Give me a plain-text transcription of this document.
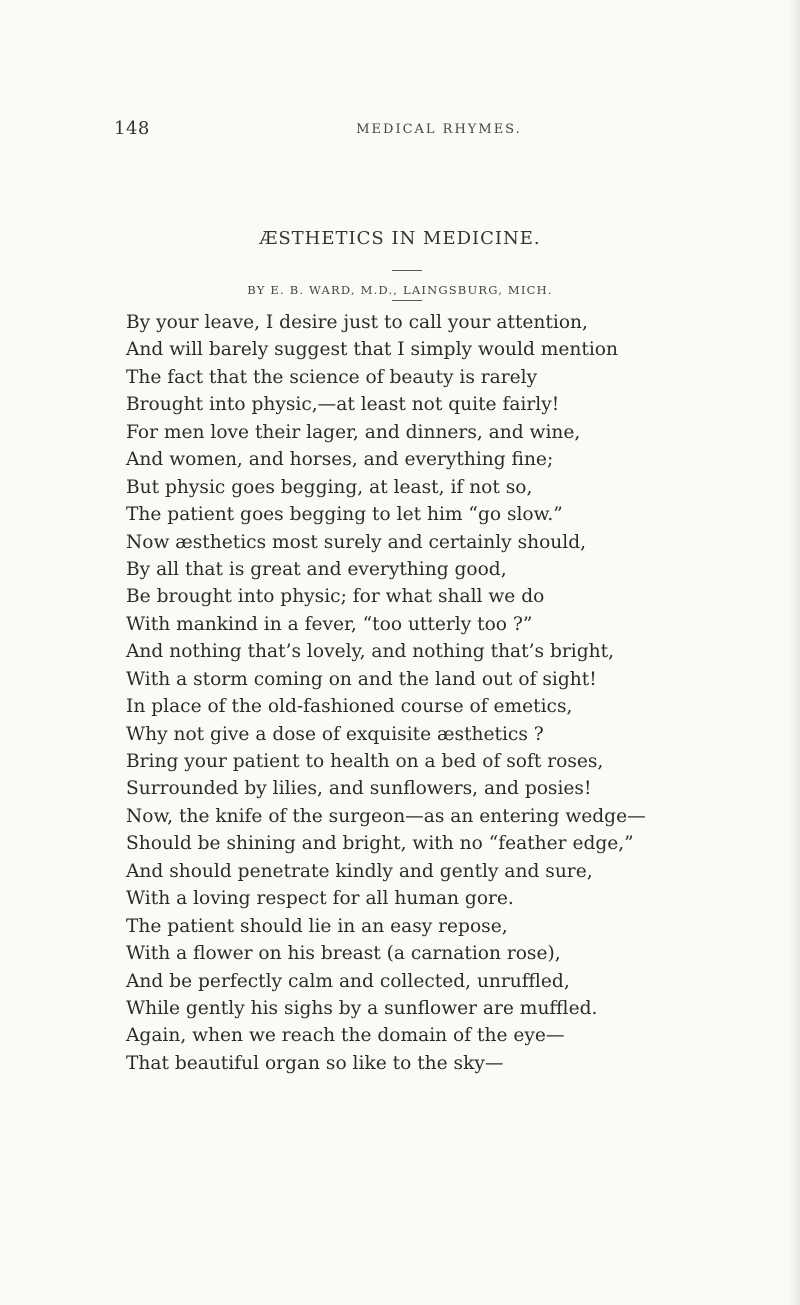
148	MEDICAL RHYMES.
ÆSTHETICS IN MEDICINE.
BY E. B. WARD, M.D., LAINGSBURG, MICH.
By your leave, I desire just to call your attention,
And will barely suggest that I simply would mention
The fact that the science of beauty is rarely
Brought into physic,—at least not quite fairly!
For men love their lager, and dinners, and wine,
And women, and horses, and everything fine;
But physic goes begging, at least, if not so,
The patient goes begging to let him “go slow.”
Now æsthetics most surely and certainly should,
By all that is great and everything good,
Be brought into physic; for what shall we do
With mankind in a fever, “too utterly too ?”
And nothing that’s lovely, and nothing that’s bright,
With a storm coming on and the land out of sight!
In place of the old-fashioned course of emetics,
Why not give a dose of exquisite æsthetics ?
Bring your patient to health on a bed of soft roses,
Surrounded by lilies, and sunflowers, and posies!
Now, the knife of the surgeon—as an entering wedge—
Should be shining and bright, with no “feather edge,”
And should penetrate kindly and gently and sure,
With a loving respect for all human gore.
The patient should lie in an easy repose,
With a flower on his breast (a carnation rose),
And be perfectly calm and collected, unruffled,
While gently his sighs by a sunflower are muffled.
Again, when we reach the domain of the eye—
That beautiful organ so like to the sky—
